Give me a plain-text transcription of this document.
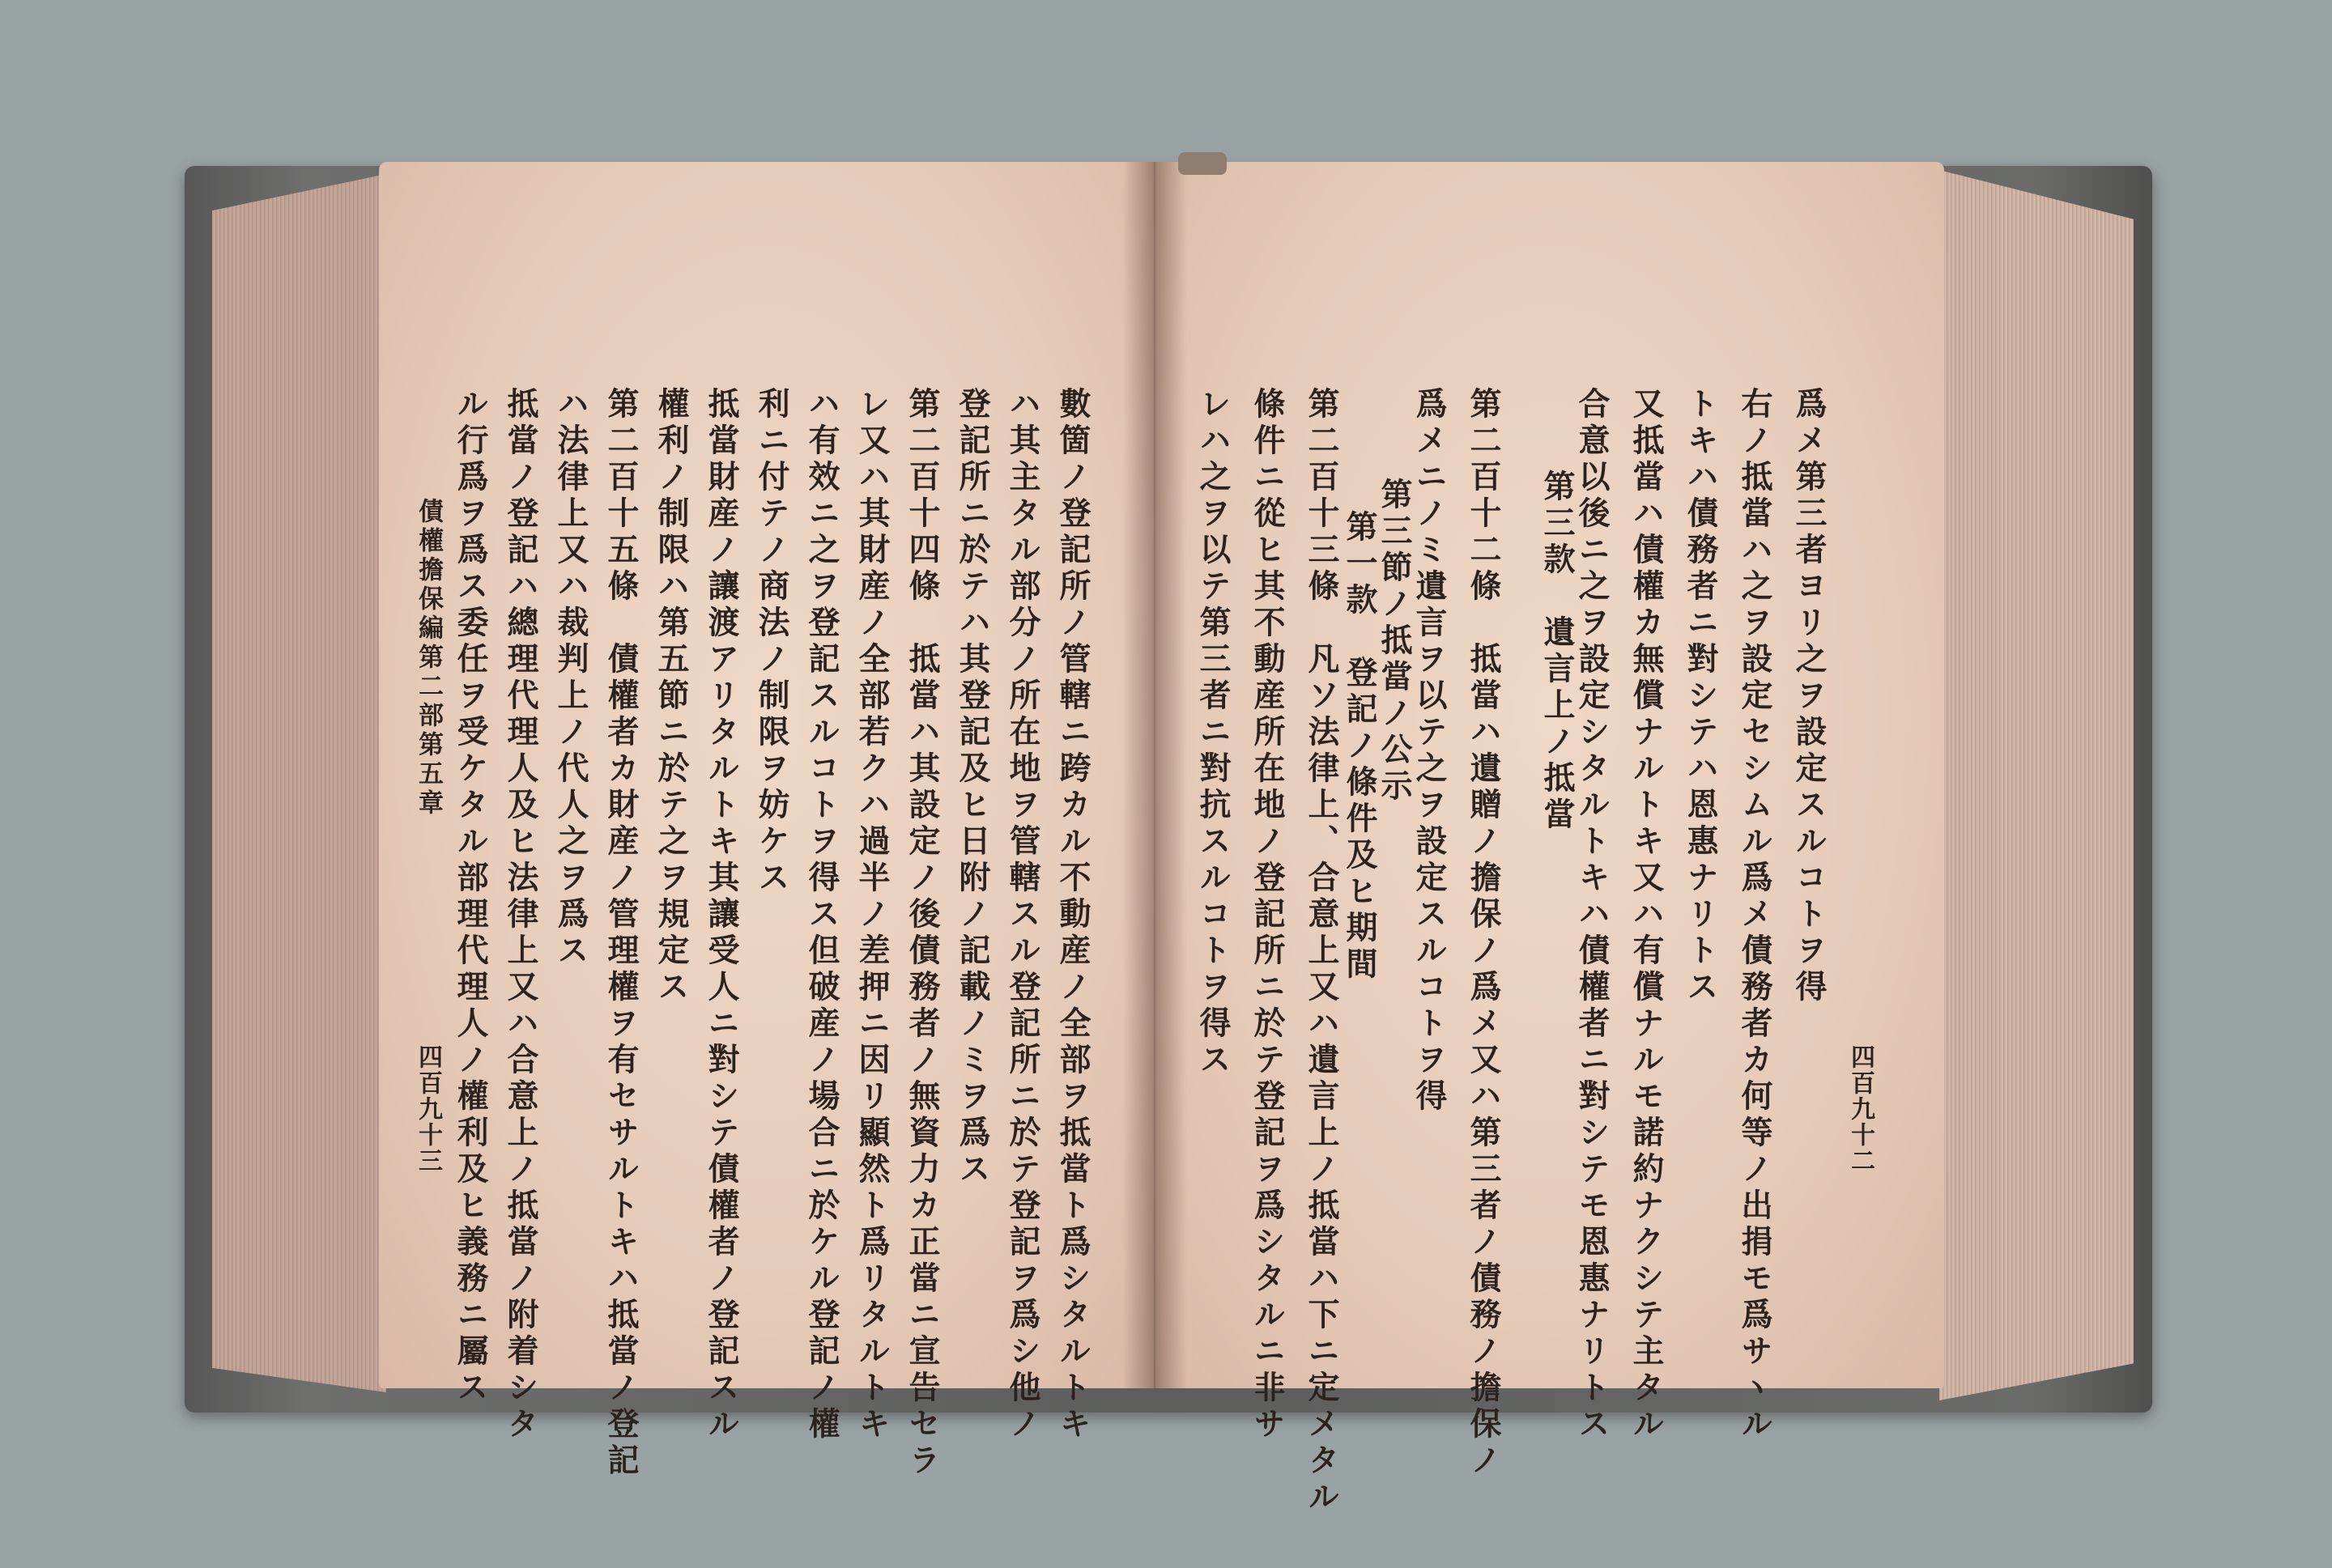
爲メ第三者ヨリ之ヲ設定スルコトヲ得
右ノ抵當ハ之ヲ設定セシムル爲メ債務者カ何等ノ出捐モ爲サヽル
トキハ債務者ニ對シテハ恩惠ナリトス
又抵當ハ債權カ無償ナルトキ又ハ有償ナルモ諾約ナクシテ主タル
合意以後ニ之ヲ設定シタルトキハ債權者ニ對シテモ恩惠ナリトス
第三款　遺言上ノ抵當
第二百十二條　抵當ハ遺贈ノ擔保ノ爲メ又ハ第三者ノ債務ノ擔保ノ
爲メニノミ遺言ヲ以テ之ヲ設定スルコトヲ得
第三節ノ抵當ノ公示
第一款　登記ノ條件及ヒ期間
第二百十三條　凡ソ法律上、合意上又ハ遺言上ノ抵當ハ下ニ定メタル
條件ニ從ヒ其不動産所在地ノ登記所ニ於テ登記ヲ爲シタルニ非サ
レハ之ヲ以テ第三者ニ對抗スルコトヲ得ス
四百九十二
數箇ノ登記所ノ管轄ニ跨カル不動産ノ全部ヲ抵當ト爲シタルトキ
ハ其主タル部分ノ所在地ヲ管轄スル登記所ニ於テ登記ヲ爲シ他ノ
登記所ニ於テハ其登記及ヒ日附ノ記載ノミヲ爲ス
第二百十四條　抵當ハ其設定ノ後債務者ノ無資力カ正當ニ宣告セラ
レ又ハ其財産ノ全部若クハ過半ノ差押ニ因リ顯然ト爲リタルトキ
ハ有效ニ之ヲ登記スルコトヲ得ス但破産ノ場合ニ於ケル登記ノ權
利ニ付テノ商法ノ制限ヲ妨ケス
抵當財産ノ讓渡アリタルトキ其讓受人ニ對シテ債權者ノ登記スル
權利ノ制限ハ第五節ニ於テ之ヲ規定ス
第二百十五條　債權者カ財産ノ管理權ヲ有セサルトキハ抵當ノ登記
ハ法律上又ハ裁判上ノ代人之ヲ爲ス
抵當ノ登記ハ總理代理人及ヒ法律上又ハ合意上ノ抵當ノ附着シタ
ル行爲ヲ爲ス委任ヲ受ケタル部理代理人ノ權利及ヒ義務ニ屬ス
債權擔保編第二部第五章
四百九十三
